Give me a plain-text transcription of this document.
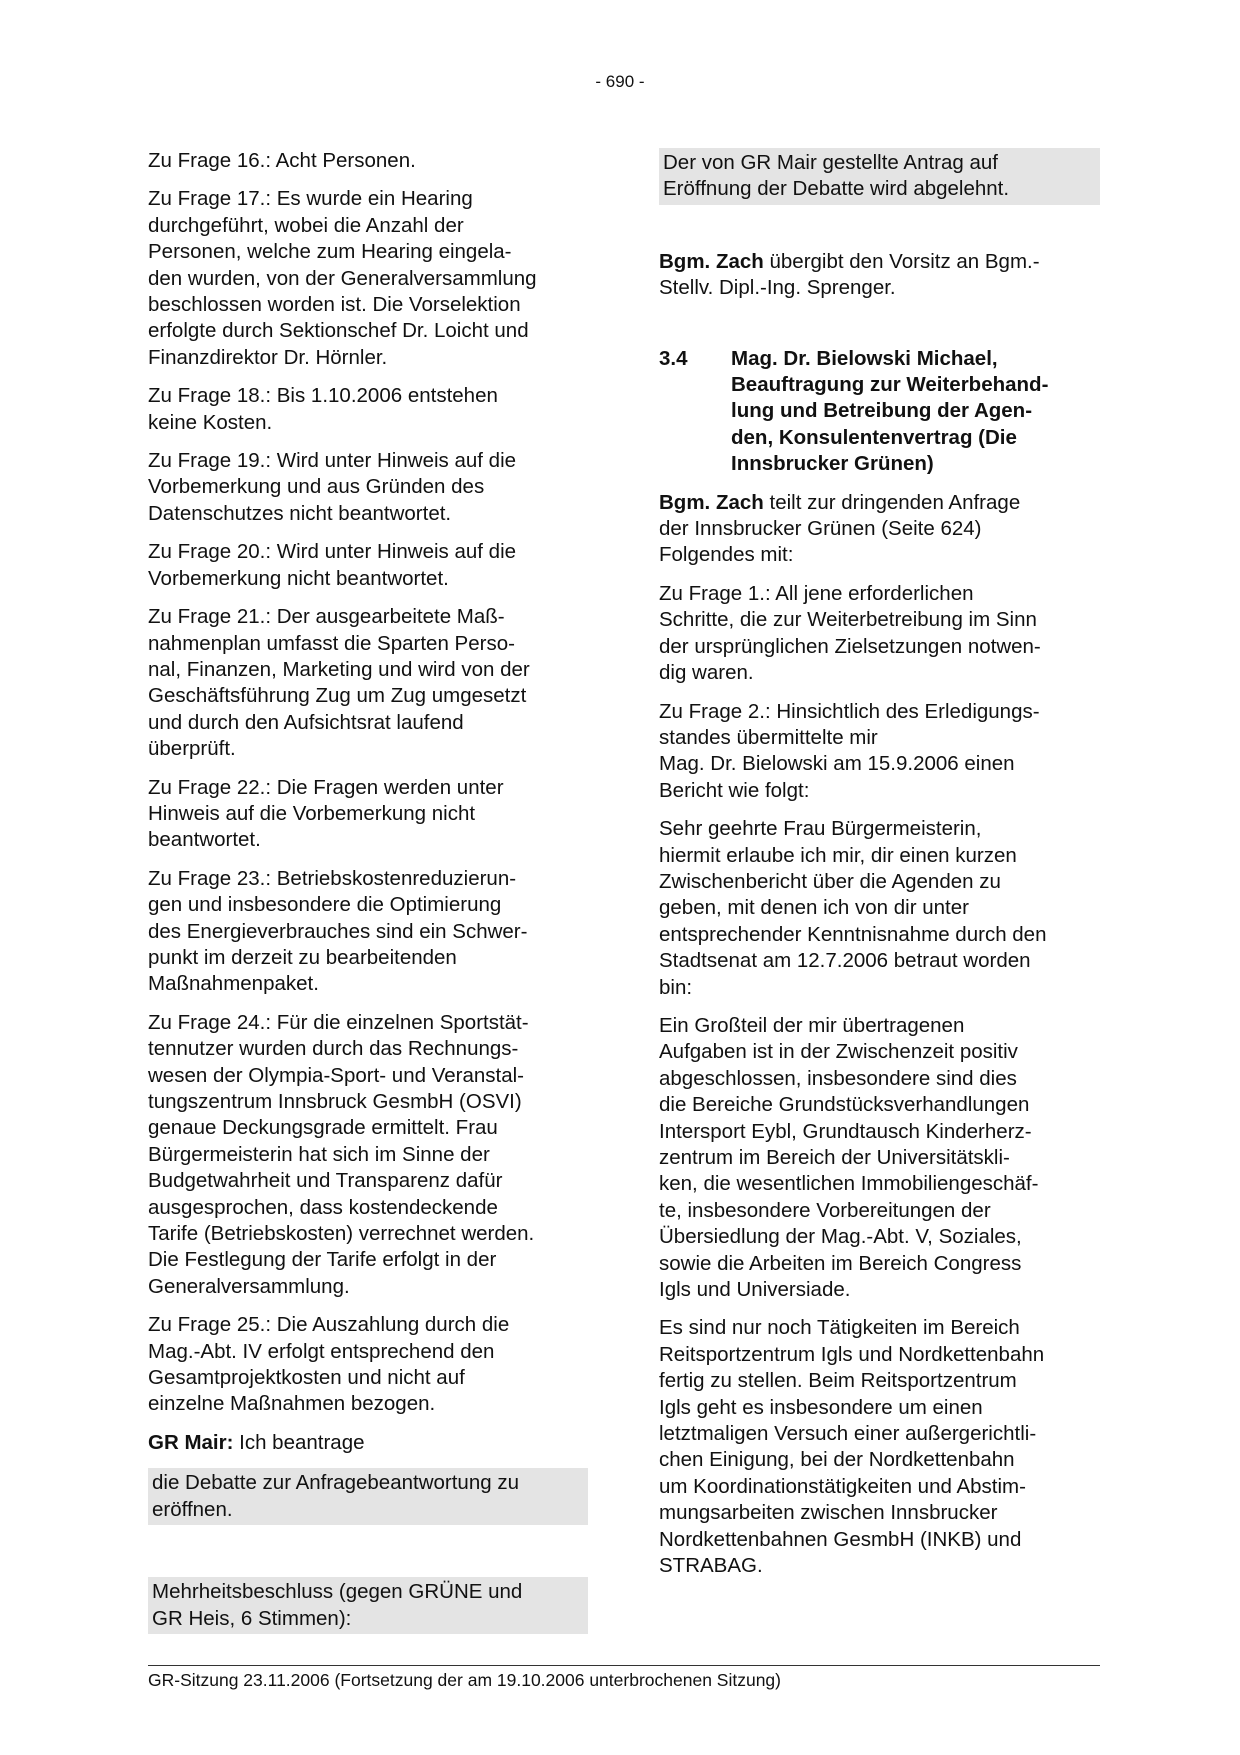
- 690 -

Zu Frage 16.: Acht Personen.

Zu Frage 17.: Es wurde ein Hearing
durchgeführt, wobei die Anzahl der
Personen, welche zum Hearing eingela-
den wurden, von der Generalversammlung
beschlossen worden ist. Die Vorselektion
erfolgte durch Sektionschef Dr. Loicht und
Finanzdirektor Dr. Hörnler.

Zu Frage 18.: Bis 1.10.2006 entstehen
keine Kosten.

Zu Frage 19.: Wird unter Hinweis auf die
Vorbemerkung und aus Gründen des
Datenschutzes nicht beantwortet.

Zu Frage 20.: Wird unter Hinweis auf die
Vorbemerkung nicht beantwortet.

Zu Frage 21.: Der ausgearbeitete Maß-
nahmenplan umfasst die Sparten Perso-
nal, Finanzen, Marketing und wird von der
Geschäftsführung Zug um Zug umgesetzt
und durch den Aufsichtsrat laufend
überprüft.

Zu Frage 22.: Die Fragen werden unter
Hinweis auf die Vorbemerkung nicht
beantwortet.

Zu Frage 23.: Betriebskostenreduzierun-
gen und insbesondere die Optimierung
des Energieverbrauches sind ein Schwer-
punkt im derzeit zu bearbeitenden
Maßnahmenpaket.

Zu Frage 24.: Für die einzelnen Sportstät-
tennutzer wurden durch das Rechnungs-
wesen der Olympia-Sport- und Veranstal-
tungszentrum Innsbruck GesmbH (OSVI)
genaue Deckungsgrade ermittelt. Frau
Bürgermeisterin hat sich im Sinne der
Budgetwahrheit und Transparenz dafür
ausgesprochen, dass kostendeckende
Tarife (Betriebskosten) verrechnet werden.
Die Festlegung der Tarife erfolgt in der
Generalversammlung.

Zu Frage 25.: Die Auszahlung durch die
Mag.-Abt. IV erfolgt entsprechend den
Gesamtprojektkosten und nicht auf
einzelne Maßnahmen bezogen.

GR Mair: Ich beantrage

die Debatte zur Anfragebeantwortung zu
eröffnen.

Mehrheitsbeschluss (gegen GRÜNE und
GR Heis, 6 Stimmen):

Der von GR Mair gestellte Antrag auf
Eröffnung der Debatte wird abgelehnt.

Bgm. Zach übergibt den Vorsitz an Bgm.-
Stellv. Dipl.-Ing. Sprenger.

3.4	Mag. Dr. Bielowski Michael,
Beauftragung zur Weiterbehand-
lung und Betreibung der Agen-
den, Konsulentenvertrag (Die
Innsbrucker Grünen)

Bgm. Zach teilt zur dringenden Anfrage
der Innsbrucker Grünen (Seite 624)
Folgendes mit:

Zu Frage 1.: All jene erforderlichen
Schritte, die zur Weiterbetreibung im Sinn
der ursprünglichen Zielsetzungen notwen-
dig waren.

Zu Frage 2.: Hinsichtlich des Erledigungs-
standes übermittelte mir
Mag. Dr. Bielowski am 15.9.2006 einen
Bericht wie folgt:

Sehr geehrte Frau Bürgermeisterin,
hiermit erlaube ich mir, dir einen kurzen
Zwischenbericht über die Agenden zu
geben, mit denen ich von dir unter
entsprechender Kenntnisnahme durch den
Stadtsenat am 12.7.2006 betraut worden
bin:

Ein Großteil der mir übertragenen
Aufgaben ist in der Zwischenzeit positiv
abgeschlossen, insbesondere sind dies
die Bereiche Grundstücksverhandlungen
Intersport Eybl, Grundtausch Kinderherz-
zentrum im Bereich der Universitätskli-
ken, die wesentlichen Immobiliengeschäf-
te, insbesondere Vorbereitungen der
Übersiedlung der Mag.-Abt. V, Soziales,
sowie die Arbeiten im Bereich Congress
Igls und Universiade.

Es sind nur noch Tätigkeiten im Bereich
Reitsportzentrum Igls und Nordkettenbahn
fertig zu stellen. Beim Reitsportzentrum
Igls geht es insbesondere um einen
letztmaligen Versuch einer außergerichtli-
chen Einigung, bei der Nordkettenbahn
um Koordinationstätigkeiten und Abstim-
mungsarbeiten zwischen Innsbrucker
Nordkettenbahnen GesmbH (INKB) und
STRABAG.

GR-Sitzung 23.11.2006 (Fortsetzung der am 19.10.2006 unterbrochenen Sitzung)
